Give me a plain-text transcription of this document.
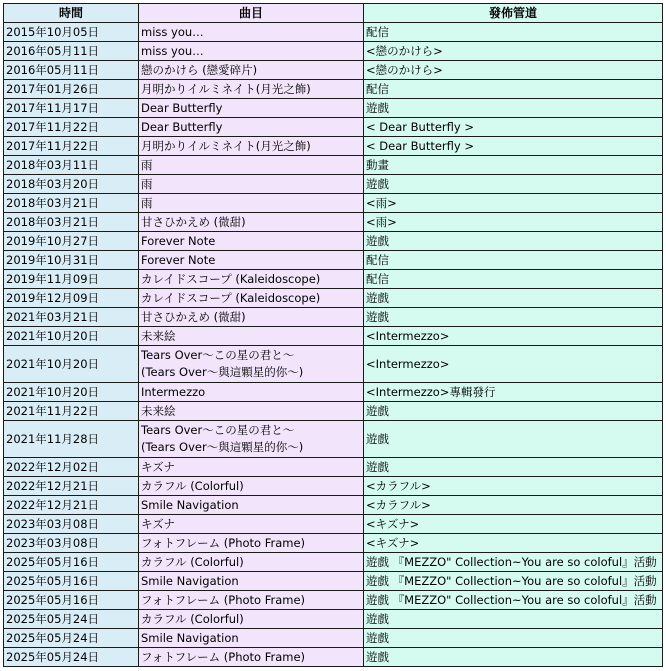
時間	曲目	發佈管道
2015年10月05日	miss you…	配信
2016年05月11日	miss you…	<戀のかけら>
2016年05月11日	戀のかけら (戀愛碎片)	<戀のかけら>
2017年01月26日	月明かりイルミネイト(月光之飾)	配信
2017年11月17日	Dear Butterfly	遊戲
2017年11月22日	Dear Butterfly	< Dear Butterfly >
2017年11月22日	月明かりイルミネイト(月光之飾)	< Dear Butterfly >
2018年03月11日	雨	動畫
2018年03月20日	雨	遊戲
2018年03月21日	雨	<雨>
2018年03月21日	甘さひかえめ (微甜)	<雨>
2019年10月27日	Forever Note	遊戲
2019年10月31日	Forever Note	配信
2019年11月09日	カレイドスコープ (Kaleidoscope)	配信
2019年12月09日	カレイドスコープ (Kaleidoscope)	遊戲
2021年03月21日	甘さひかえめ (微甜)	遊戲
2021年10月20日	未来絵	<Intermezzo>
2021年10月20日	Tears Over～この星の君と～
(Tears Over～與這顆星的你～)	<Intermezzo>
2021年10月20日	Intermezzo	<Intermezzo>專輯發行
2021年11月22日	未来絵	遊戲
2021年11月28日	Tears Over～この星の君と～
(Tears Over～與這顆星的你～)	遊戲
2022年12月02日	キズナ	遊戲
2022年12月21日	カラフル (Colorful)	<カラフル>
2022年12月21日	Smile Navigation	<カラフル>
2023年03月08日	キズナ	<キズナ>
2023年03月08日	フォトフレーム (Photo Frame)	<キズナ>
2025年05月16日	カラフル (Colorful)	遊戲 『MEZZO" Collection~You are so coloful』活動
2025年05月16日	Smile Navigation	遊戲 『MEZZO" Collection~You are so coloful』活動
2025年05月16日	フォトフレーム (Photo Frame)	遊戲 『MEZZO" Collection~You are so coloful』活動
2025年05月24日	カラフル (Colorful)	遊戲
2025年05月24日	Smile Navigation	遊戲
2025年05月24日	フォトフレーム (Photo Frame)	遊戲
